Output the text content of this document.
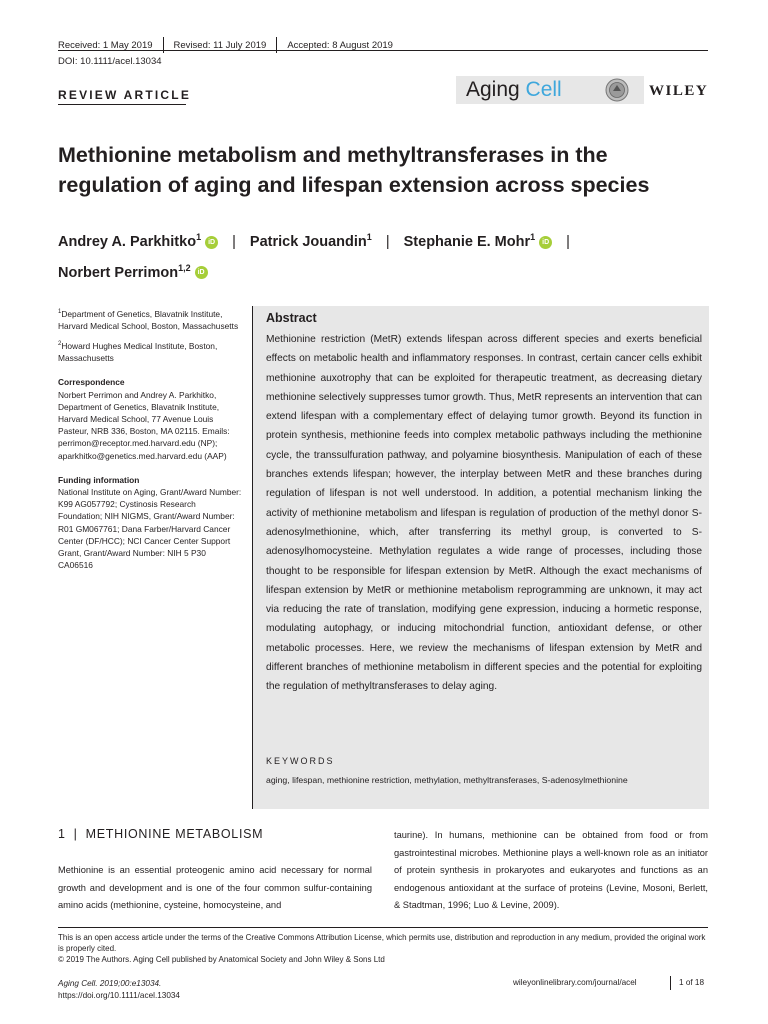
Received: 1 May 2019 Revised: 11 July 2019 Accepted: 8 August 2019
DOI: 10.1111/acel.13034
REVIEW ARTICLE	Aging Cell	WILEY
Methionine metabolism and methyltransferases in the
regulation of aging and lifespan extension across species
Andrey A. Parkhitko$^1$ iD | Patrick Jouandin$^1$ | Stephanie E. Mohr$^1$ iD |
Norbert Perrimon$^{1,2}$ iD

$^1$Department of Genetics, Blavatnik Institute, Harvard Medical School, Boston, Massachusetts

$^2$Howard Hughes Medical Institute, Boston, Massachusetts

Correspondence

Norbert Perrimon and Andrey A. Parkhitko, Department of Genetics, Blavatnik Institute, Harvard Medical School, 77 Avenue Louis Pasteur, NRB 336, Boston, MA 02115. Emails: perrimon@receptor.med.harvard.edu (NP); aparkhitko@genetics.med.harvard.edu (AAP)

Funding information

National Institute on Aging, Grant/Award Number: K99 AG057792; Cystinosis Research Foundation; NIH NIGMS, Grant/Award Number: R01 GM067761; Dana Farber/Harvard Cancer Center (DF/HCC); NCI Cancer Center Support Grant, Grant/Award Number: NIH 5 P30 CA06516

Abstract
Methionine restriction (MetR) extends lifespan across different species and exerts beneficial effects on metabolic health and inflammatory responses. In contrast, certain cancer cells exhibit methionine auxotrophy that can be exploited for therapeutic treatment, as decreasing dietary methionine selectively suppresses tumor growth. Thus, MetR represents an intervention that can extend lifespan with a complementary effect of delaying tumor growth. Beyond its function in protein synthesis, methionine feeds into complex metabolic pathways including the methionine cycle, the transsulfuration pathway, and polyamine biosynthesis. Manipulation of each of these branches extends lifespan; however, the interplay between MetR and these branches during regulation of lifespan is not well understood. In addition, a potential mechanism linking the activity of methionine metabolism and lifespan is regulation of production of the methyl donor S-adenosylmethionine, which, after transferring its methyl group, is converted to S-adenosylhomocysteine. Methylation regulates a wide range of processes, including those thought to be responsible for lifespan extension by MetR. Although the exact mechanisms of lifespan extension by MetR or methionine metabolism reprogramming are unknown, it may act via reducing the rate of translation, modifying gene expression, inducing a hormetic response, modulating autophagy, or inducing mitochondrial function, antioxidant defense, or other metabolic processes. Here, we review the mechanisms of lifespan extension by MetR and different branches of methionine metabolism in different species and the potential for exploiting the regulation of methyltransferases to delay aging.
KEYWORDS
aging, lifespan, methionine restriction, methylation, methyltransferases, S-adenosylmethionine
1 | METHIONINE METABOLISM
Methionine is an essential proteogenic amino acid necessary for normal growth and development and is one of the four common sulfur-containing amino acids (methionine, cysteine, homocysteine, and
taurine). In humans, methionine can be obtained from food or from gastrointestinal microbes. Methionine plays a well-known role as an initiator of protein synthesis in prokaryotes and eukaryotes and functions as an endogenous antioxidant at the surface of proteins (Levine, Mosoni, Berlett, & Stadtman, 1996; Luo & Levine, 2009).
This is an open access article under the terms of the Creative Commons Attribution License, which permits use, distribution and reproduction in any medium, provided the original work is properly cited.
© 2019 The Authors. Aging Cell published by Anatomical Society and John Wiley & Sons Ltd
Aging Cell. 2019;00:e13034.
https://doi.org/10.1111/acel.13034
wileyonlinelibrary.com/journal/acel	1 of 18
